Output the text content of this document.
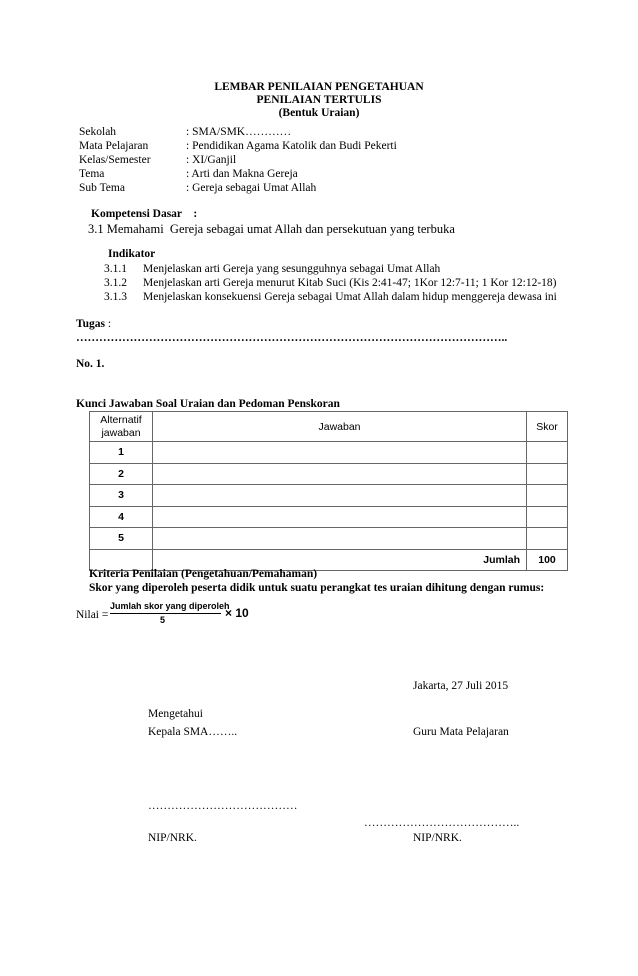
LEMBAR PENILAIAN PENGETAHUAN
PENILAIAN TERTULIS
(Bentuk Uraian)
Sekolah	: SMA/SMK…………
Mata Pelajaran	: Pendidikan Agama Katolik dan Budi Pekerti
Kelas/Semester	: XI/Ganjil
Tema	: Arti dan Makna Gereja
Sub Tema	: Gereja sebagai Umat Allah
Kompetensi Dasar    :
3.1 Memahami  Gereja sebagai umat Allah dan persekutuan yang terbuka
Indikator
3.1.1 Menjelaskan arti Gereja yang sesungguhnya sebagai Umat Allah
3.1.2 Menjelaskan arti Gereja menurut Kitab Suci (Kis 2:41-47; 1Kor 12:7-11; 1 Kor 12:12-18)
3.1.3 Menjelaskan konsekuensi Gereja sebagai Umat Allah dalam hidup menggereja dewasa ini
Tugas :
…………………………………………………………………………………………………..
No. 1.
Kunci Jawaban Soal Uraian dan Pedoman Penskoran
Alternatif jawaban	Jawaban	Skor
1		
2		
3		
4		
5		
	Jumlah	100
Kriteria Penilaian (Pengetahuan/Pemahaman)
Skor yang diperoleh peserta didik untuk suatu perangkat tes uraian dihitung dengan rumus:
Nilai =
Jumlah skor yang diperoleh
5	× 10
Jakarta, 27 Juli 2015
Mengetahui
Kepala SMA……..	Guru Mata Pelajaran
…………………………………
…………………………………..
NIP/NRK.	NIP/NRK.
